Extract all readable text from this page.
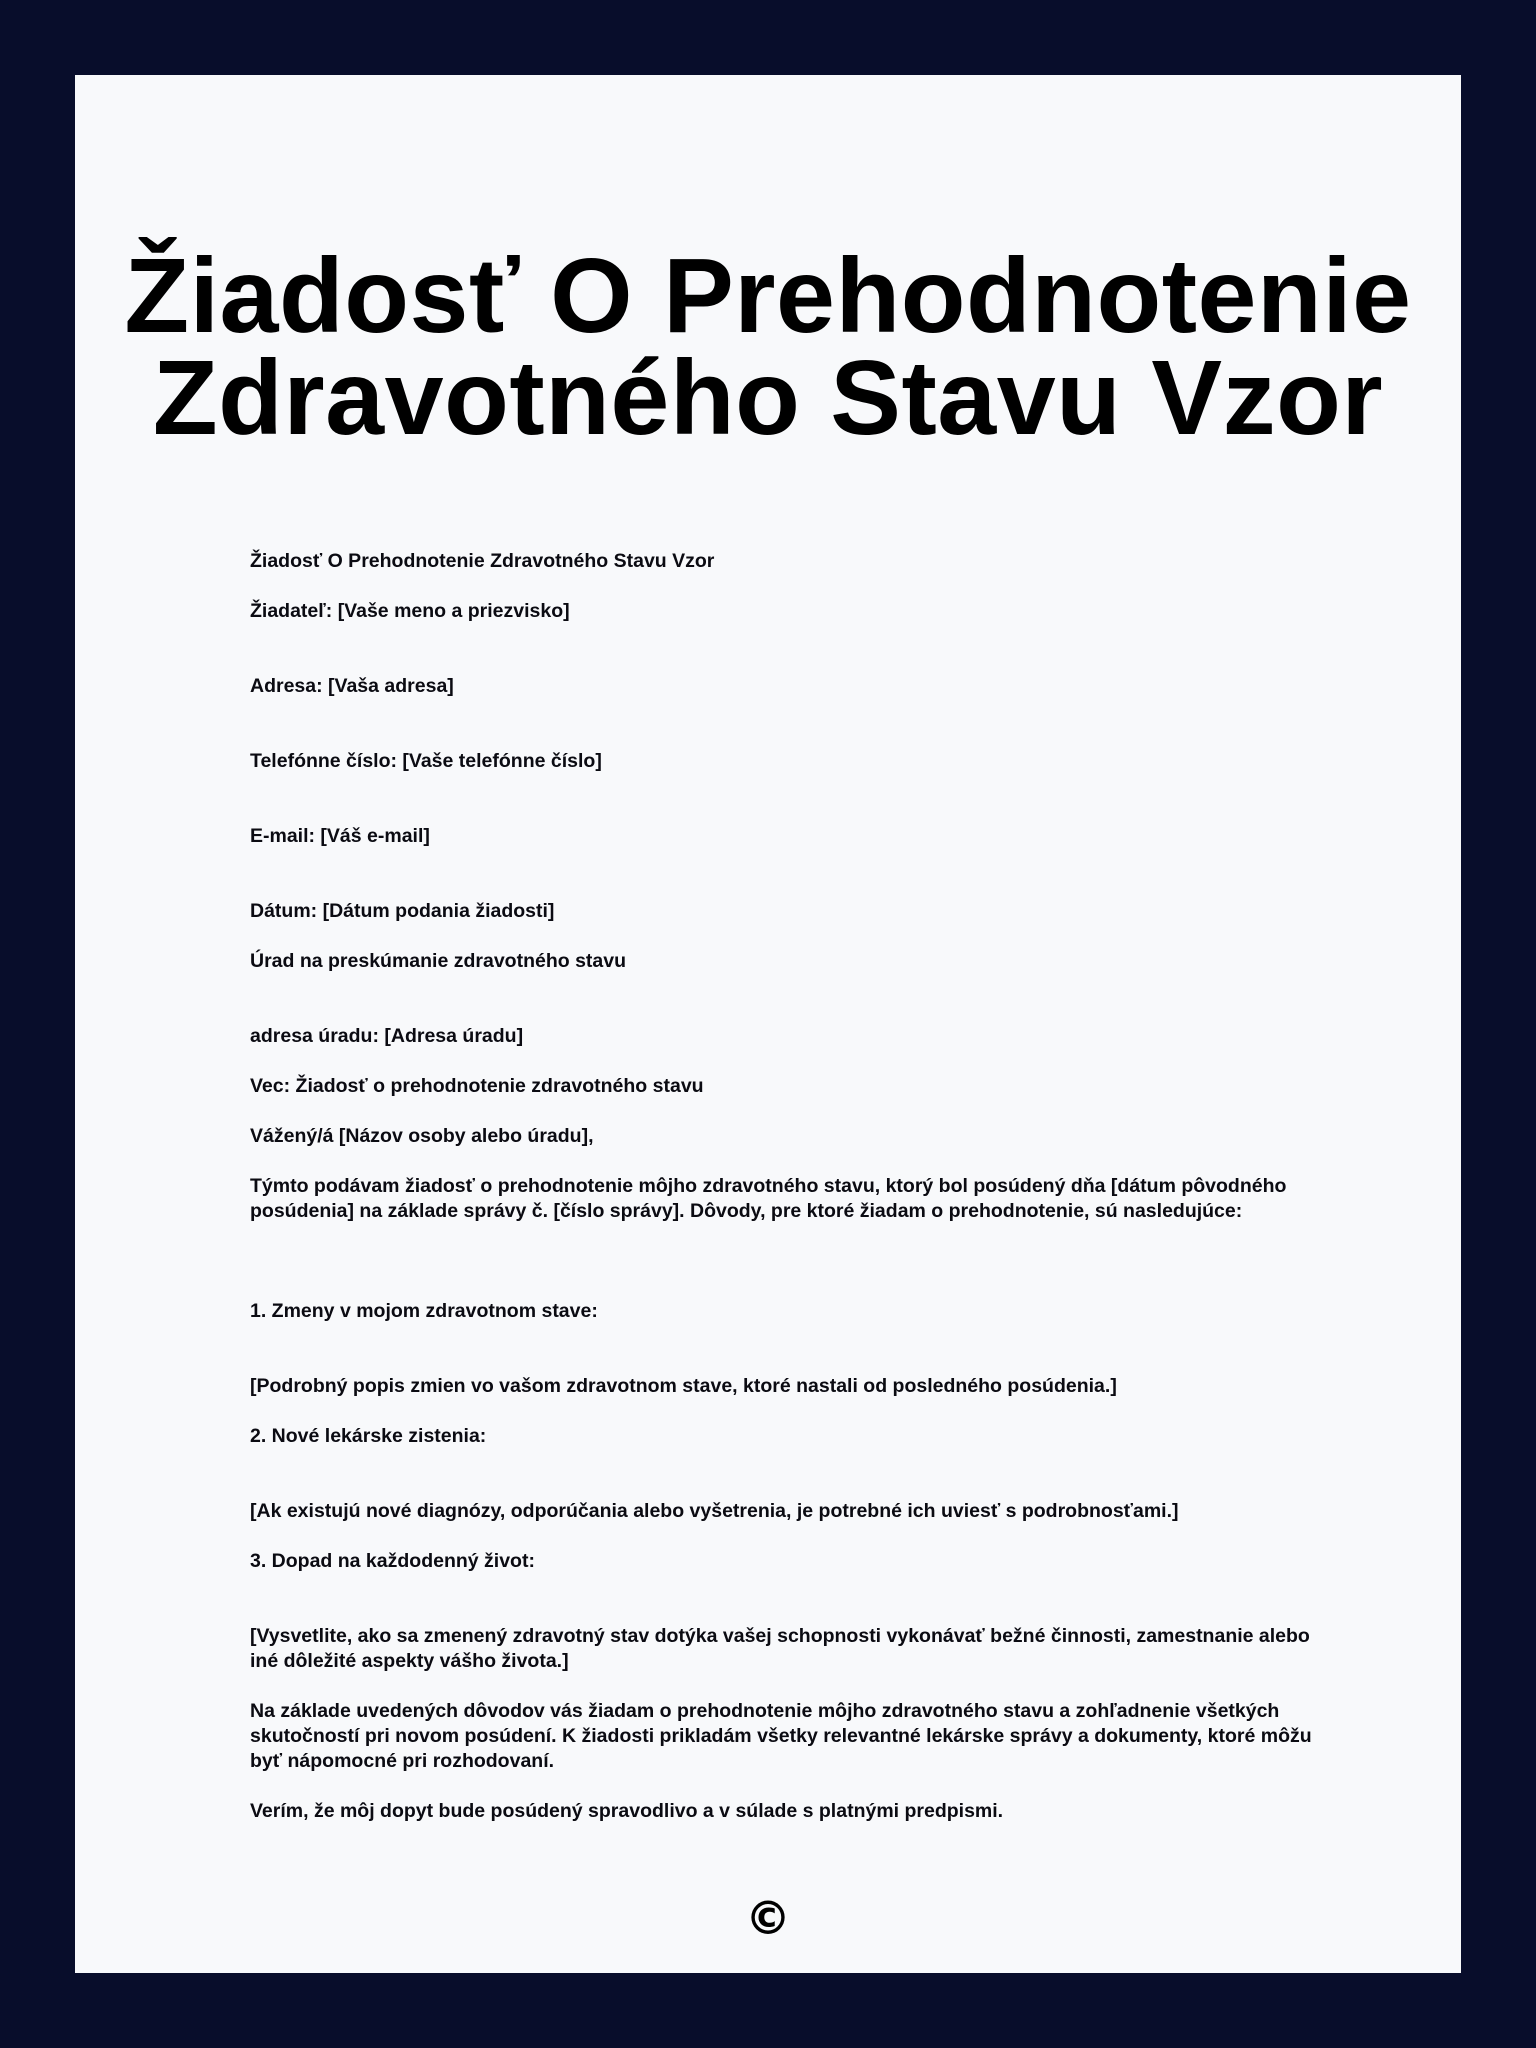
Žiadosť O Prehodnotenie
Zdravotného Stavu Vzor

Žiadosť O Prehodnotenie Zdravotného Stavu Vzor

Žiadateľ: [Vaše meno a priezvisko]

Adresa: [Vaša adresa]

Telefónne číslo: [Vaše telefónne číslo]

E-mail: [Váš e-mail]

Dátum: [Dátum podania žiadosti]

Úrad na preskúmanie zdravotného stavu

adresa úradu: [Adresa úradu]

Vec: Žiadosť o prehodnotenie zdravotného stavu

Vážený/á [Názov osoby alebo úradu],

Týmto podávam žiadosť o prehodnotenie môjho zdravotného stavu, ktorý bol posúdený dňa [dátum pôvodného posúdenia] na základe správy č. [číslo správy]. Dôvody, pre ktoré žiadam o prehodnotenie, sú nasledujúce:

1. Zmeny v mojom zdravotnom stave:

[Podrobný popis zmien vo vašom zdravotnom stave, ktoré nastali od posledného posúdenia.]

2. Nové lekárske zistenia:

[Ak existujú nové diagnózy, odporúčania alebo vyšetrenia, je potrebné ich uviesť s podrobnosťami.]

3. Dopad na každodenný život:

[Vysvetlite, ako sa zmenený zdravotný stav dotýka vašej schopnosti vykonávať bežné činnosti, zamestnanie alebo iné dôležité aspekty vášho života.]

Na základe uvedených dôvodov vás žiadam o prehodnotenie môjho zdravotného stavu a zohľadnenie všetkých skutočností pri novom posúdení. K žiadosti prikladám všetky relevantné lekárske správy a dokumenty, ktoré môžu byť nápomocné pri rozhodovaní.

Verím, že môj dopyt bude posúdený spravodlivo a v súlade s platnými predpismi.

©
